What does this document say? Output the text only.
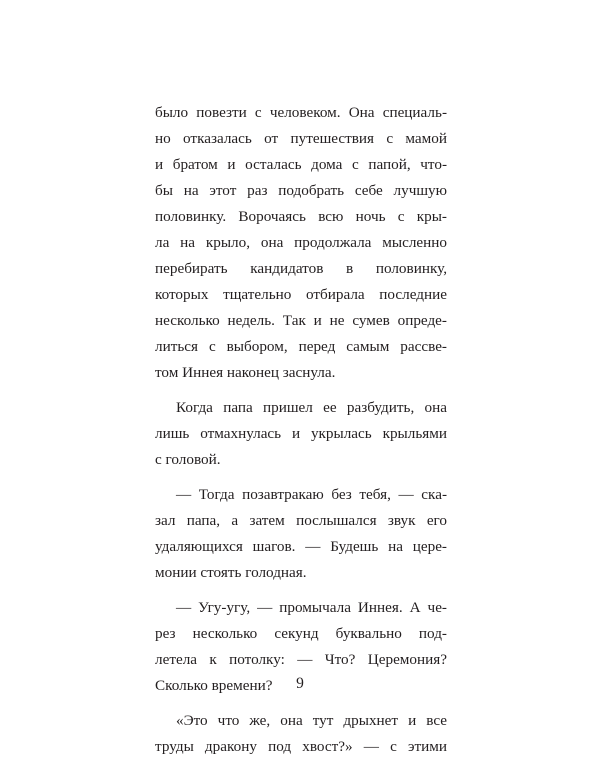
было повезти с человеком. Она специаль-
но отказалась от путешествия с мамой
и братом и осталась дома с папой, что-
бы на этот раз подобрать себе лучшую
половинку. Ворочаясь всю ночь с кры-
ла на крыло, она продолжала мысленно
перебирать кандидатов в половинку,
которых тщательно отбирала последние
несколько недель. Так и не сумев опреде-
литься с выбором, перед самым рассве-
том Иннея наконец заснула.
Когда папа пришел ее разбудить, она
лишь отмахнулась и укрылась крыльями
с головой.
— Тогда позавтракаю без тебя, — ска-
зал папа, а затем послышался звук его
удаляющихся шагов. — Будешь на цере-
монии стоять голодная.
— Угу-угу, — промычала Иннея. А че-
рез несколько секунд буквально под-
летела к потолку: — Что? Церемония?
Сколько времени?
«Это что же, она тут дрыхнет и все
труды дракону под хвост?» — с этими
9
